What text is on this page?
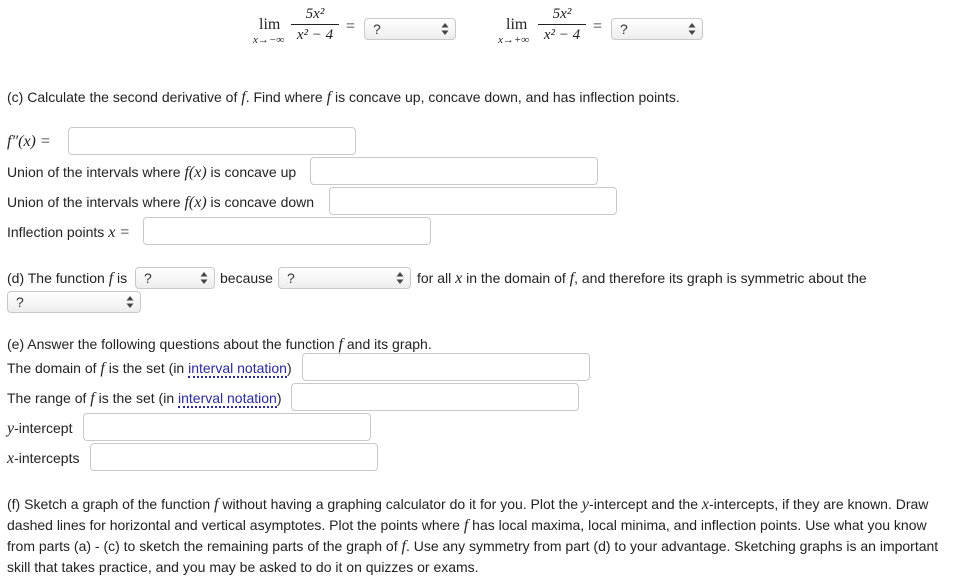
lim
x→−∞
5x²
x² − 4 =	?	lim
x→+∞
5x²
x² − 4 =	?
(c) Calculate the second derivative of f. Find where f is concave up, concave down, and has inflection points.
f″(x) =
Union of the intervals where f(x) is concave up
Union of the intervals where f(x) is concave down
Inflection points x =
(d) The function f is	?	because	?	for all x in the domain of f, and therefore its graph is symmetric about the
?
(e) Answer the following questions about the function f and its graph.
The domain of f is the set (in interval notation)
The range of f is the set (in interval notation)
y-intercept
x-intercepts
(f) Sketch a graph of the function f without having a graphing calculator do it for you. Plot the y-intercept and the x-intercepts, if they are known. Draw dashed lines for horizontal and vertical asymptotes. Plot the points where f has local maxima, local minima, and inflection points. Use what you know from parts (a) - (c) to sketch the remaining parts of the graph of f. Use any symmetry from part (d) to your advantage. Sketching graphs is an important skill that takes practice, and you may be asked to do it on quizzes or exams.
